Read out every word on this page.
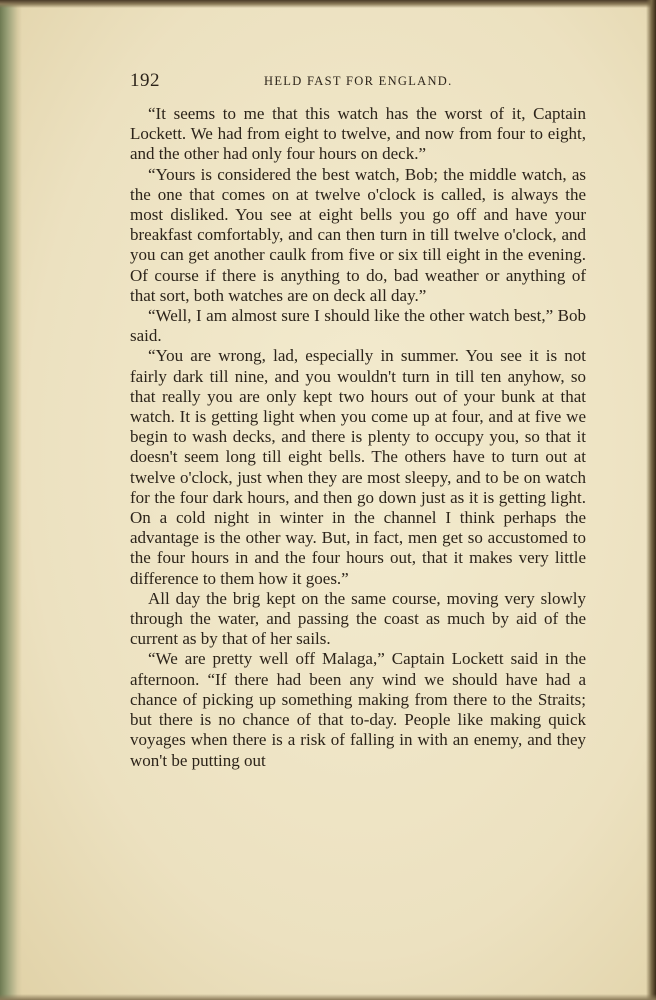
192	HELD FAST FOR ENGLAND.

“It seems to me that this watch has the worst of it, Captain Lockett. We had from eight to twelve, and now from four to eight, and the other had only four hours on deck.”

“Yours is considered the best watch, Bob; the middle watch, as the one that comes on at twelve o'clock is called, is always the most disliked. You see at eight bells you go off and have your breakfast comfortably, and can then turn in till twelve o'clock, and you can get another caulk from five or six till eight in the evening. Of course if there is anything to do, bad weather or anything of that sort, both watches are on deck all day.”

“Well, I am almost sure I should like the other watch best,” Bob said.

“You are wrong, lad, especially in summer. You see it is not fairly dark till nine, and you wouldn't turn in till ten anyhow, so that really you are only kept two hours out of your bunk at that watch. It is getting light when you come up at four, and at five we begin to wash decks, and there is plenty to occupy you, so that it doesn't seem long till eight bells. The others have to turn out at twelve o'clock, just when they are most sleepy, and to be on watch for the four dark hours, and then go down just as it is getting light. On a cold night in winter in the channel I think perhaps the advantage is the other way. But, in fact, men get so accustomed to the four hours in and the four hours out, that it makes very little difference to them how it goes.”

All day the brig kept on the same course, moving very slowly through the water, and passing the coast as much by aid of the current as by that of her sails.

“We are pretty well off Malaga,” Captain Lockett said in the afternoon. “If there had been any wind we should have had a chance of picking up something making from there to the Straits; but there is no chance of that to-day. People like making quick voyages when there is a risk of falling in with an enemy, and they won't be putting out
